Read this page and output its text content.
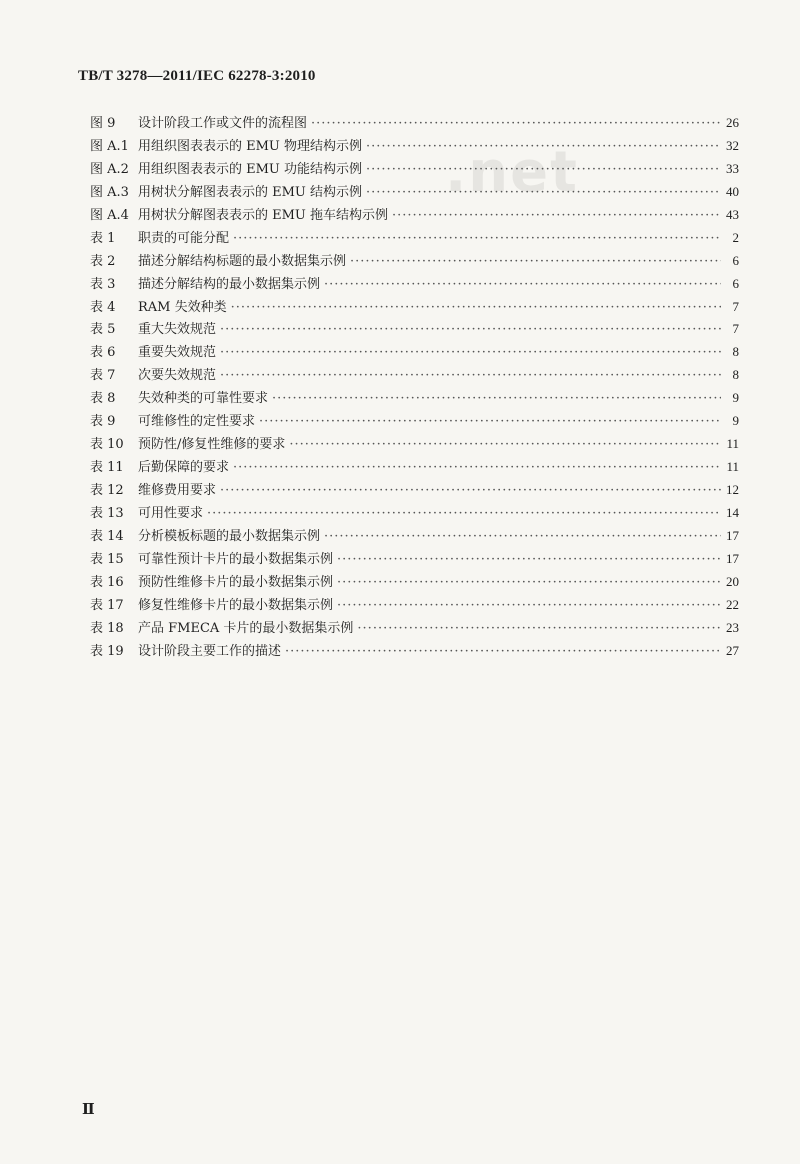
TB/T 3278—2011/IEC 62278-3:2010
.net
图 9 设计阶段工作或文件的流程图 ·····	26
图 A.1 用组织图表表示的 EMU 物理结构示例 ·····	32
图 A.2 用组织图表表示的 EMU 功能结构示例 ·····	33
图 A.3 用树状分解图表表示的 EMU 结构示例 ·····	40
图 A.4 用树状分解图表表示的 EMU 拖车结构示例 ·····	43
表 1 职责的可能分配 ·····	2
表 2 描述分解结构标题的最小数据集示例 ·····	6
表 3 描述分解结构的最小数据集示例 ·····	6
表 4 RAM 失效种类 ·····	7
表 5 重大失效规范 ·····	7
表 6 重要失效规范 ·····	8
表 7 次要失效规范 ·····	8
表 8 失效种类的可靠性要求 ·····	9
表 9 可维修性的定性要求 ·····	9
表 10 预防性/修复性维修的要求 ·····	11
表 11 后勤保障的要求 ·····	11
表 12 维修费用要求 ·····	12
表 13 可用性要求 ·····	14
表 14 分析模板标题的最小数据集示例 ·····	17
表 15 可靠性预计卡片的最小数据集示例 ·····	17
表 16 预防性维修卡片的最小数据集示例 ·····	20
表 17 修复性维修卡片的最小数据集示例 ·····	22
表 18 产品 FMECA 卡片的最小数据集示例 ·····	23
表 19 设计阶段主要工作的描述 ·····	27
Ⅱ
